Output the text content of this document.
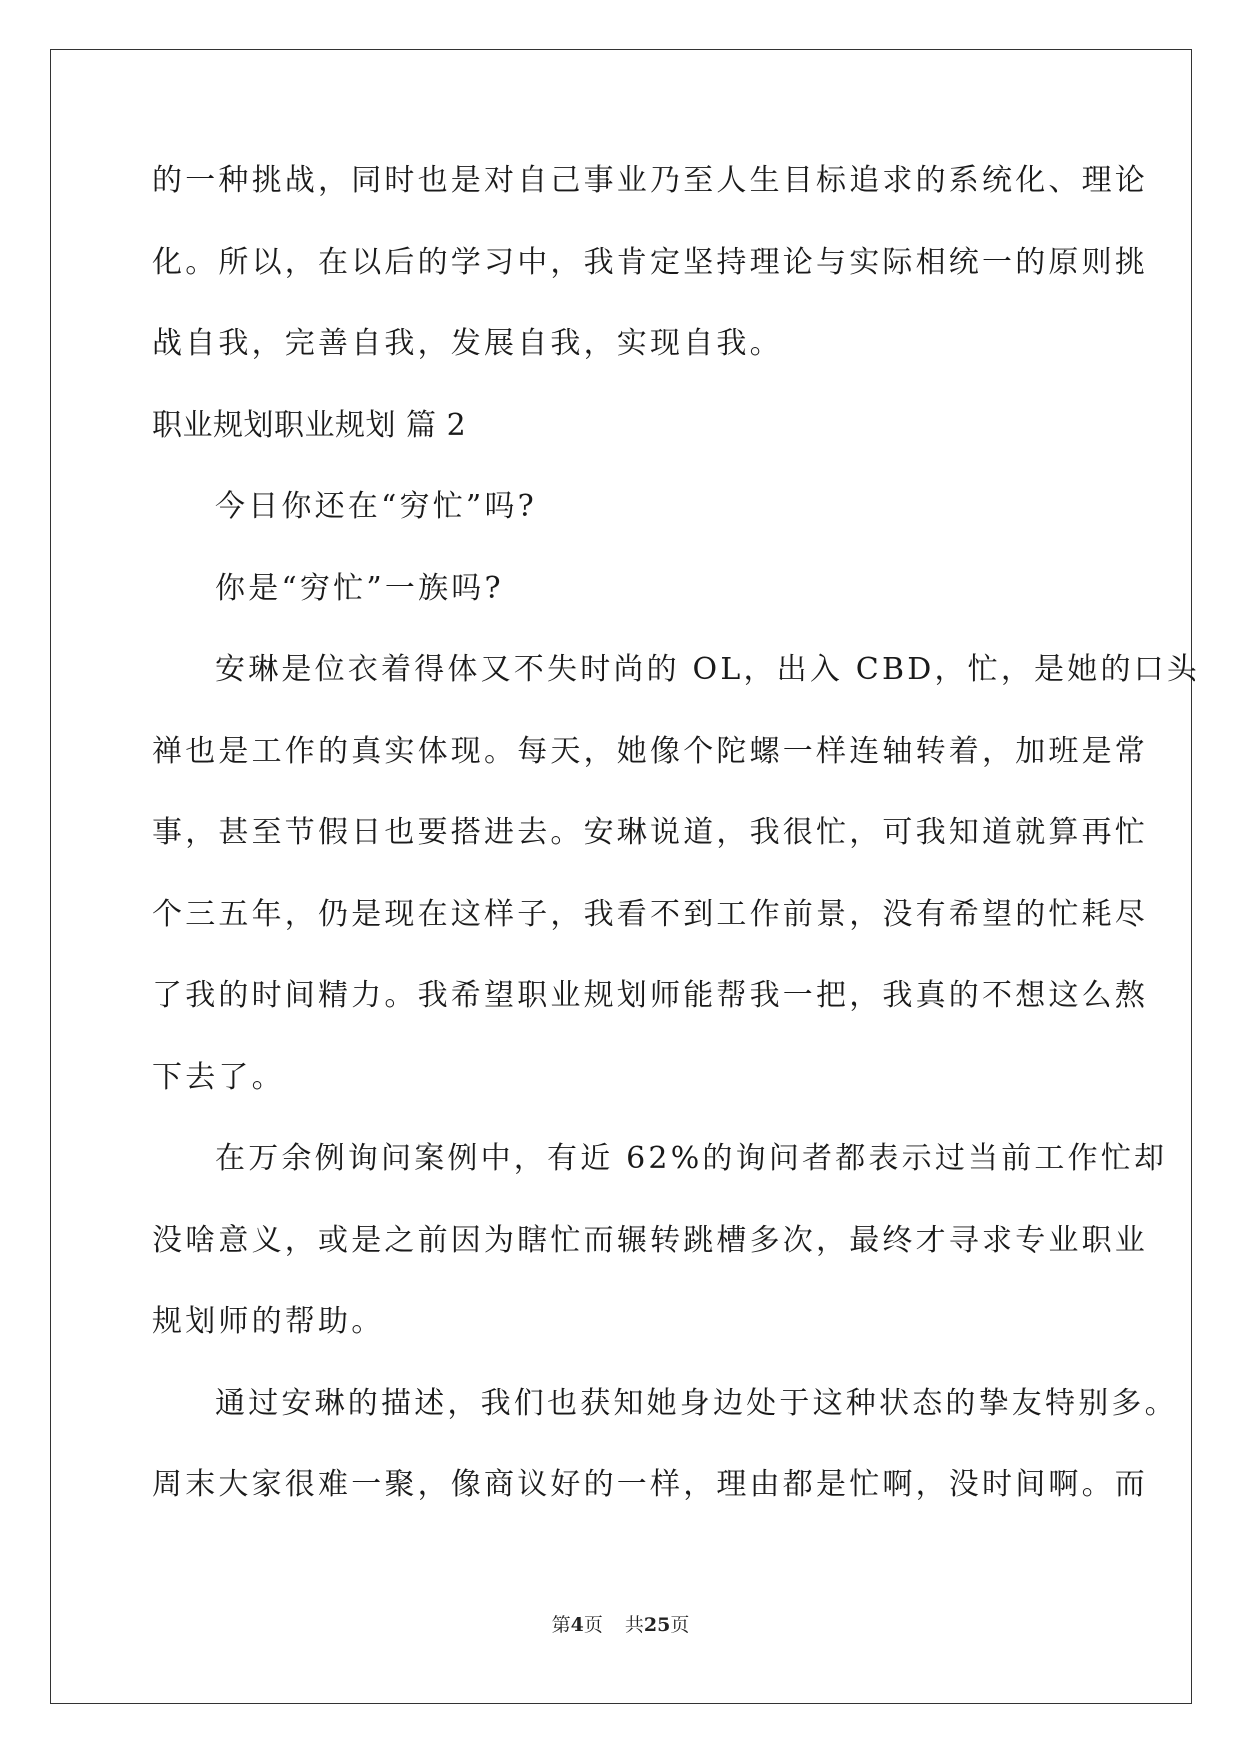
的一种挑战，同时也是对自己事业乃至人生目标追求的系统化、理论
化。所以，在以后的学习中，我肯定坚持理论与实际相统一的原则挑
战自我，完善自我，发展自我，实现自我。
职业规划职业规划 篇 2
今日你还在“穷忙”吗?
你是“穷忙”一族吗?
安琳是位衣着得体又不失时尚的 OL，出入 CBD，忙，是她的口头
禅也是工作的真实体现。每天，她像个陀螺一样连轴转着，加班是常
事，甚至节假日也要搭进去。安琳说道，我很忙，可我知道就算再忙
个三五年，仍是现在这样子，我看不到工作前景，没有希望的忙耗尽
了我的时间精力。我希望职业规划师能帮我一把，我真的不想这么熬
下去了。
在万余例询问案例中，有近 62%的询问者都表示过当前工作忙却
没啥意义，或是之前因为瞎忙而辗转跳槽多次，最终才寻求专业职业
规划师的帮助。
通过安琳的描述，我们也获知她身边处于这种状态的挚友特别多。
周末大家很难一聚，像商议好的一样，理由都是忙啊，没时间啊。而
第4页 共25页
